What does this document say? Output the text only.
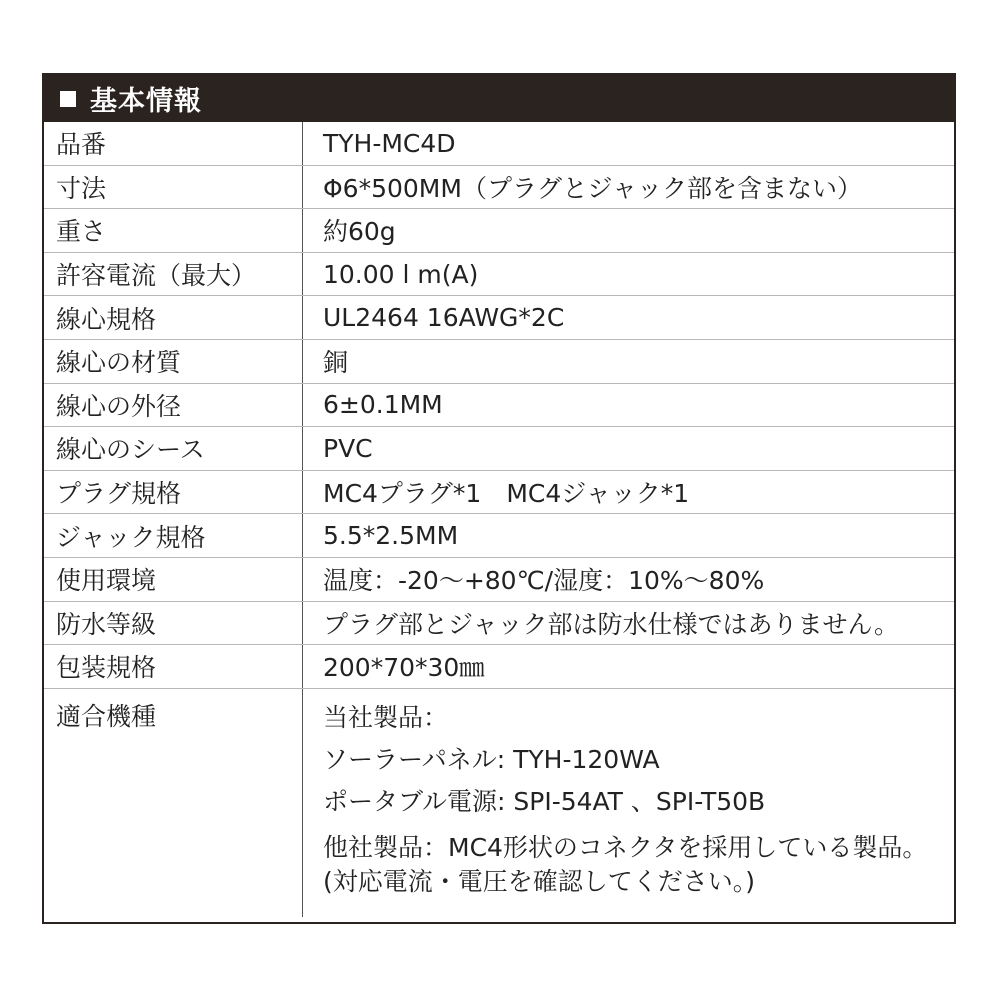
基本情報
品番	TYH-MC4D
寸法	Φ6*500MM（プラグとジャック部を含まない）
重さ	約60g
許容電流（最大）	10.00 l m(A)
線心規格	UL2464 16AWG*2C
線心の材質	銅
線心の外径	6±0.1MM
線心のシース	PVC
プラグ規格	MC4プラグ*1　MC4ジャック*1
ジャック規格	5.5*2.5MM
使用環境	温度：-20～+80℃/湿度：10%～80%
防水等級	プラグ部とジャック部は防水仕様ではありません。
包装規格	200*70*30㎜
適合機種	当社製品：
ソーラーパネル: TYH-120WA
ポータブル電源: SPI-54AT 、SPI-T50B
他社製品：MC4形状のコネクタを採用している製品。
(対応電流・電圧を確認してください。)
